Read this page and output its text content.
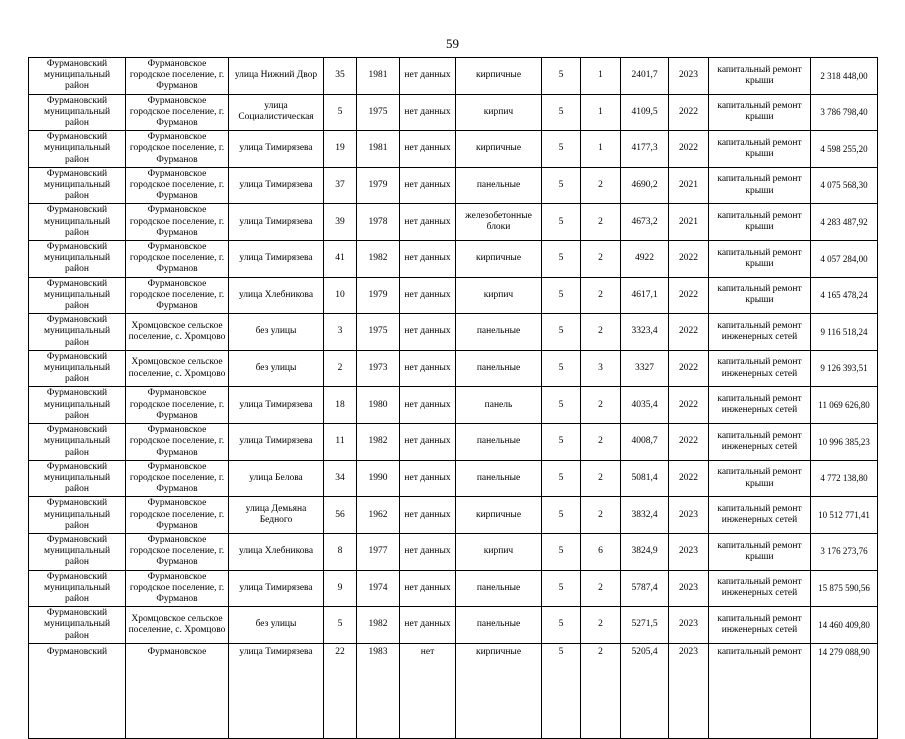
59
Фурмановский муниципальный район	Фурмановское городское поселение, г. Фурманов	улица Нижний Двор	35	1981	нет данных	кирпичные	5	1	2401,7	2023	капитальный ремонт крыши	2 318 448,00
Фурмановский муниципальный район	Фурмановское городское поселение, г. Фурманов	улица Социалистическая	5	1975	нет данных	кирпич	5	1	4109,5	2022	капитальный ремонт крыши	3 786 798,40
Фурмановский муниципальный район	Фурмановское городское поселение, г. Фурманов	улица Тимирязева	19	1981	нет данных	кирпичные	5	1	4177,3	2022	капитальный ремонт крыши	4 598 255,20
Фурмановский муниципальный район	Фурмановское городское поселение, г. Фурманов	улица Тимирязева	37	1979	нет данных	панельные	5	2	4690,2	2021	капитальный ремонт крыши	4 075 568,30
Фурмановский муниципальный район	Фурмановское городское поселение, г. Фурманов	улица Тимирязева	39	1978	нет данных	железобетонные блоки	5	2	4673,2	2021	капитальный ремонт крыши	4 283 487,92
Фурмановский муниципальный район	Фурмановское городское поселение, г. Фурманов	улица Тимирязева	41	1982	нет данных	кирпичные	5	2	4922	2022	капитальный ремонт крыши	4 057 284,00
Фурмановский муниципальный район	Фурмановское городское поселение, г. Фурманов	улица Хлебникова	10	1979	нет данных	кирпич	5	2	4617,1	2022	капитальный ремонт крыши	4 165 478,24
Фурмановский муниципальный район	Хромцовское сельское поселение, с. Хромцово	без улицы	3	1975	нет данных	панельные	5	2	3323,4	2022	капитальный ремонт инженерных сетей	9 116 518,24
Фурмановский муниципальный район	Хромцовское сельское поселение, с. Хромцово	без улицы	2	1973	нет данных	панельные	5	3	3327	2022	капитальный ремонт инженерных сетей	9 126 393,51
Фурмановский муниципальный район	Фурмановское городское поселение, г. Фурманов	улица Тимирязева	18	1980	нет данных	панель	5	2	4035,4	2022	капитальный ремонт инженерных сетей	11 069 626,80
Фурмановский муниципальный район	Фурмановское городское поселение, г. Фурманов	улица Тимирязева	11	1982	нет данных	панельные	5	2	4008,7	2022	капитальный ремонт инженерных сетей	10 996 385,23
Фурмановский муниципальный район	Фурмановское городское поселение, г. Фурманов	улица Белова	34	1990	нет данных	панельные	5	2	5081,4	2022	капитальный ремонт крыши	4 772 138,80
Фурмановский муниципальный район	Фурмановское городское поселение, г. Фурманов	улица Демьяна Бедного	56	1962	нет данных	кирпичные	5	2	3832,4	2023	капитальный ремонт инженерных сетей	10 512 771,41
Фурмановский муниципальный район	Фурмановское городское поселение, г. Фурманов	улица Хлебникова	8	1977	нет данных	кирпич	5	6	3824,9	2023	капитальный ремонт крыши	3 176 273,76
Фурмановский муниципальный район	Фурмановское городское поселение, г. Фурманов	улица Тимирязева	9	1974	нет данных	панельные	5	2	5787,4	2023	капитальный ремонт инженерных сетей	15 875 590,56
Фурмановский муниципальный район	Хромцовское сельское поселение, с. Хромцово	без улицы	5	1982	нет данных	панельные	5	2	5271,5	2023	капитальный ремонт инженерных сетей	14 460 409,80
Фурмановский	Фурмановское	улица Тимирязева	22	1983	нет	кирпичные	5	2	5205,4	2023	капитальный ремонт	14 279 088,90
